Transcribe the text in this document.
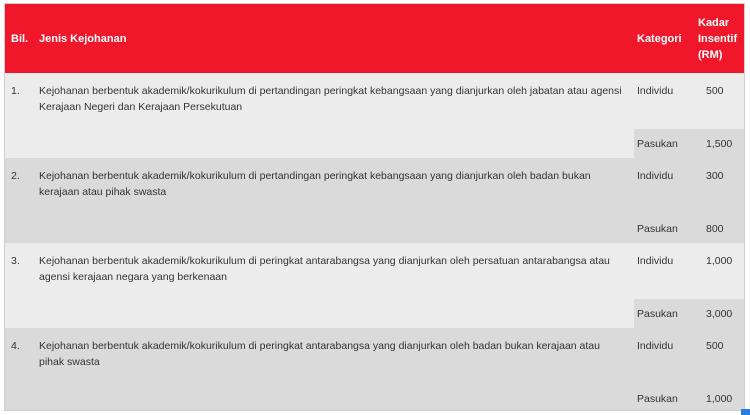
Bil.	Jenis Kejohanan	Kategori	Kadar
Insentif
(RM)
1.	Kejohanan berbentuk akademik/kokurikulum di pertandingan peringkat kebangsaan yang dianjurkan oleh jabatan atau agensi Kerajaan Negeri dan Kerajaan Persekutuan	Individu	500
		Pasukan	1,500
2.	Kejohanan berbentuk akademik/kokurikulum di pertandingan peringkat kebangsaan yang dianjurkan oleh badan bukan kerajaan atau pihak swasta	Individu	300
		Pasukan	800
3.	Kejohanan berbentuk akademik/kokurikulum di peringkat antarabangsa yang dianjurkan oleh persatuan antarabangsa atau agensi kerajaan negara yang berkenaan	Individu	1,000
		Pasukan	3,000
4.	Kejohanan berbentuk akademik/kokurikulum di peringkat antarabangsa yang dianjurkan oleh badan bukan kerajaan atau pihak swasta	Individu	500
		Pasukan	1,000
